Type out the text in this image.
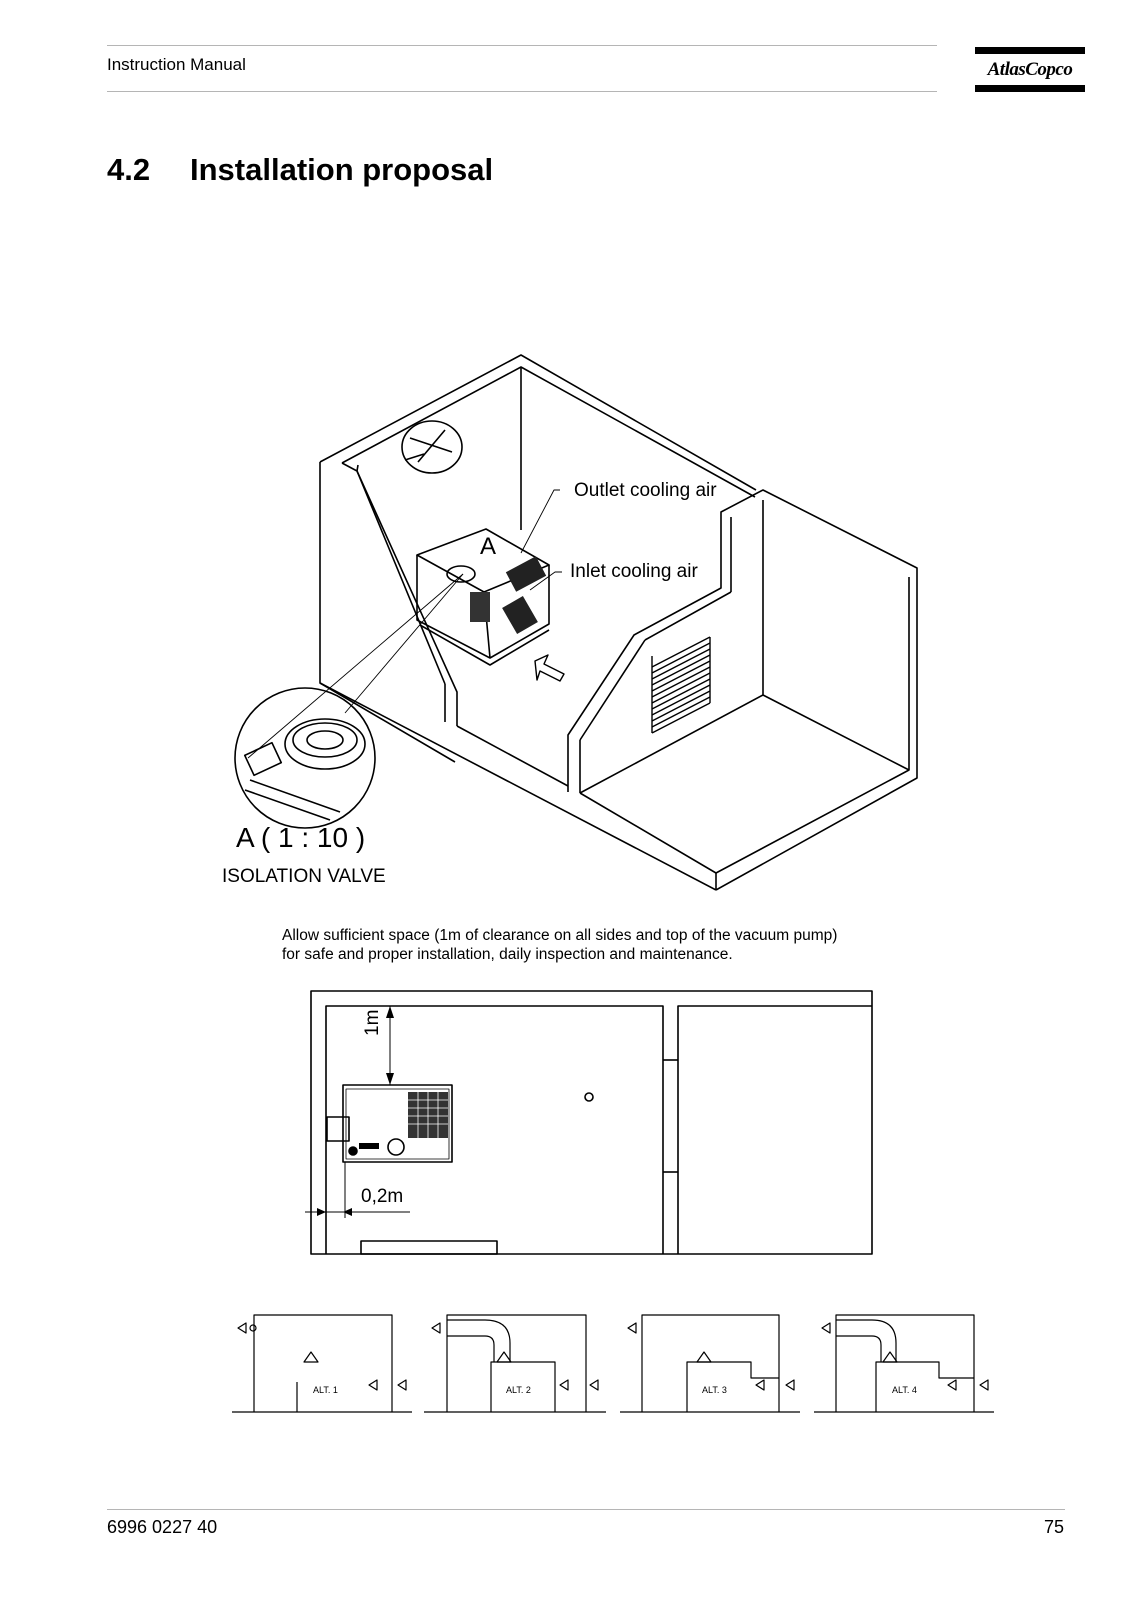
Instruction Manual	AtlasCopco
4.2 Installation proposal
Outlet cooling air
Inlet cooling air
A
A ( 1 : 10 )
ISOLATION VALVE
Allow sufficient space (1m of clearance on all sides and top of the vacuum pump)
for safe and proper installation, daily inspection and maintenance.
1m
0,2m
ALT. 1	ALT. 2	ALT. 3	ALT. 4
6996 0227 40	75
